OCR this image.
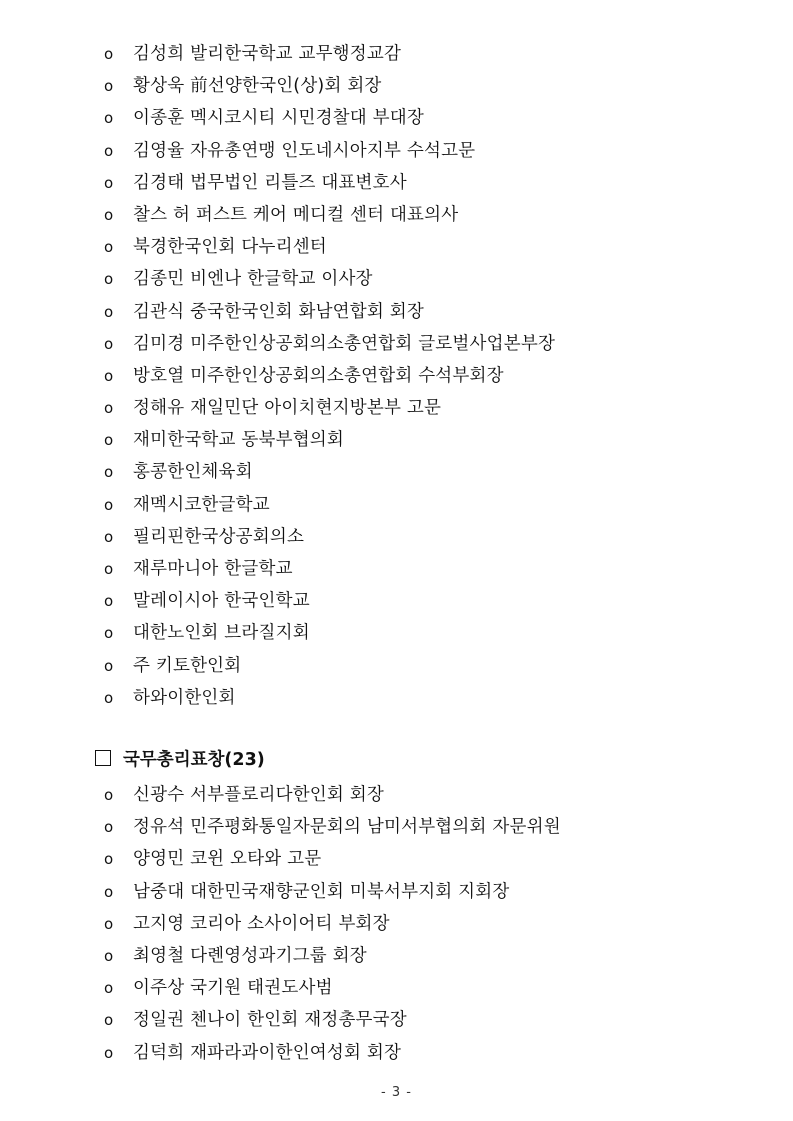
o 김성희 발리한국학교 교무행정교감
o 황상욱 前선양한국인(상)회 회장
o 이종훈 멕시코시티 시민경찰대 부대장
o 김영율 자유총연맹 인도네시아지부 수석고문
o 김경태 법무법인 리틀즈 대표변호사
o 찰스 허 퍼스트 케어 메디컬 센터 대표의사
o 북경한국인회 다누리센터
o 김종민 비엔나 한글학교 이사장
o 김관식 중국한국인회 화남연합회 회장
o 김미경 미주한인상공회의소총연합회 글로벌사업본부장
o 방호열 미주한인상공회의소총연합회 수석부회장
o 정해유 재일민단 아이치현지방본부 고문
o 재미한국학교 동북부협의회
o 홍콩한인체육회
o 재멕시코한글학교
o 필리핀한국상공회의소
o 재루마니아 한글학교
o 말레이시아 한국인학교
o 대한노인회 브라질지회
o 주 키토한인회
o 하와이한인회
국무총리표창(23)
o 신광수 서부플로리다한인회 회장
o 정유석 민주평화통일자문회의 남미서부협의회 자문위원
o 양영민 코윈 오타와 고문
o 남중대 대한민국재향군인회 미북서부지회 지회장
o 고지영 코리아 소사이어티 부회장
o 최영철 다롄영성과기그룹 회장
o 이주상 국기원 태권도사범
o 정일권 첸나이 한인회 재정총무국장
o 김덕희 재파라과이한인여성회 회장
- 3 -
